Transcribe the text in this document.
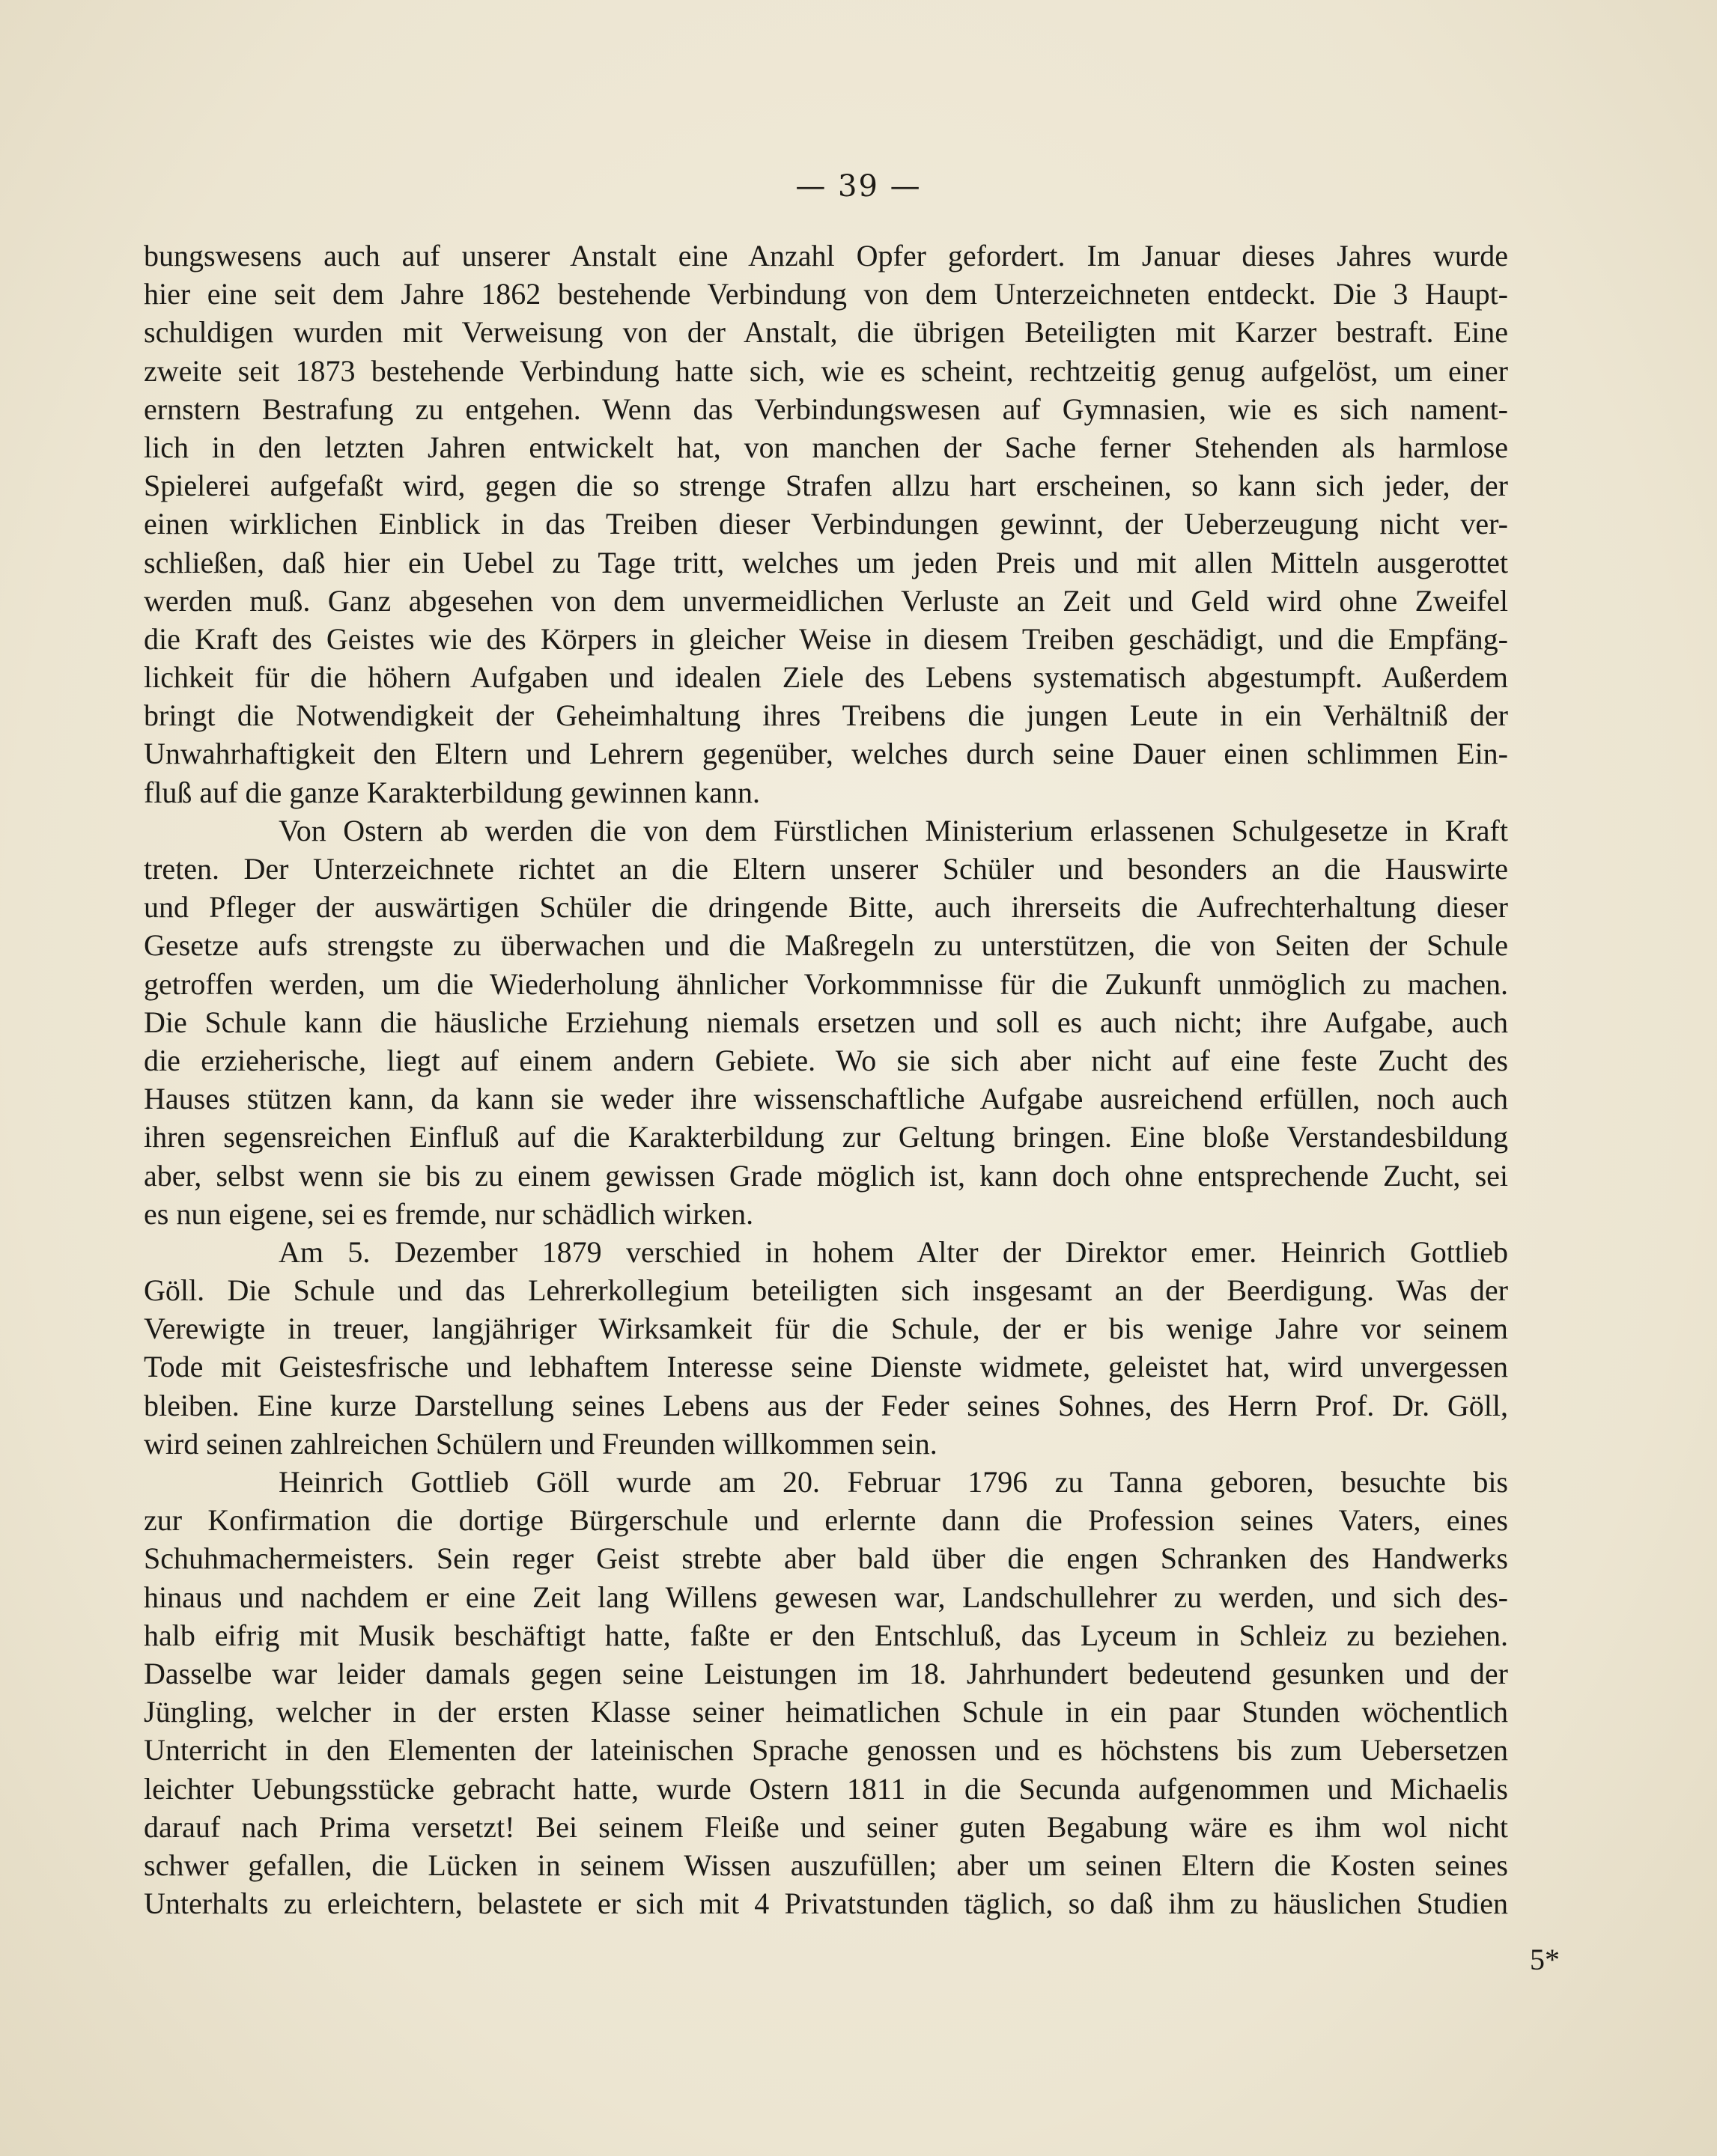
— 39 —
bungswesens auch auf unserer Anstalt eine Anzahl Opfer gefordert. Im Januar dieses Jahres wurde
hier eine seit dem Jahre 1862 bestehende Verbindung von dem Unterzeichneten entdeckt. Die 3 Haupt-
schuldigen wurden mit Verweisung von der Anstalt, die übrigen Beteiligten mit Karzer bestraft. Eine
zweite seit 1873 bestehende Verbindung hatte sich, wie es scheint, rechtzeitig genug aufgelöst, um einer
ernstern Bestrafung zu entgehen. Wenn das Verbindungswesen auf Gymnasien, wie es sich nament-
lich in den letzten Jahren entwickelt hat, von manchen der Sache ferner Stehenden als harmlose
Spielerei aufgefaßt wird, gegen die so strenge Strafen allzu hart erscheinen, so kann sich jeder, der
einen wirklichen Einblick in das Treiben dieser Verbindungen gewinnt, der Ueberzeugung nicht ver-
schließen, daß hier ein Uebel zu Tage tritt, welches um jeden Preis und mit allen Mitteln ausgerottet
werden muß. Ganz abgesehen von dem unvermeidlichen Verluste an Zeit und Geld wird ohne Zweifel
die Kraft des Geistes wie des Körpers in gleicher Weise in diesem Treiben geschädigt, und die Empfäng-
lichkeit für die höhern Aufgaben und idealen Ziele des Lebens systematisch abgestumpft. Außerdem
bringt die Notwendigkeit der Geheimhaltung ihres Treibens die jungen Leute in ein Verhältniß der
Unwahrhaftigkeit den Eltern und Lehrern gegenüber, welches durch seine Dauer einen schlimmen Ein-
fluß auf die ganze Karakterbildung gewinnen kann.
Von Ostern ab werden die von dem Fürstlichen Ministerium erlassenen Schulgesetze in Kraft
treten. Der Unterzeichnete richtet an die Eltern unserer Schüler und besonders an die Hauswirte
und Pfleger der auswärtigen Schüler die dringende Bitte, auch ihrerseits die Aufrechterhaltung dieser
Gesetze aufs strengste zu überwachen und die Maßregeln zu unterstützen, die von Seiten der Schule
getroffen werden, um die Wiederholung ähnlicher Vorkommnisse für die Zukunft unmöglich zu machen.
Die Schule kann die häusliche Erziehung niemals ersetzen und soll es auch nicht; ihre Aufgabe, auch
die erzieherische, liegt auf einem andern Gebiete. Wo sie sich aber nicht auf eine feste Zucht des
Hauses stützen kann, da kann sie weder ihre wissenschaftliche Aufgabe ausreichend erfüllen, noch auch
ihren segensreichen Einfluß auf die Karakterbildung zur Geltung bringen. Eine bloße Verstandesbildung
aber, selbst wenn sie bis zu einem gewissen Grade möglich ist, kann doch ohne entsprechende Zucht, sei
es nun eigene, sei es fremde, nur schädlich wirken.
Am 5. Dezember 1879 verschied in hohem Alter der Direktor emer. Heinrich Gottlieb
Göll. Die Schule und das Lehrerkollegium beteiligten sich insgesamt an der Beerdigung. Was der
Verewigte in treuer, langjähriger Wirksamkeit für die Schule, der er bis wenige Jahre vor seinem
Tode mit Geistesfrische und lebhaftem Interesse seine Dienste widmete, geleistet hat, wird unvergessen
bleiben. Eine kurze Darstellung seines Lebens aus der Feder seines Sohnes, des Herrn Prof. Dr. Göll,
wird seinen zahlreichen Schülern und Freunden willkommen sein.
Heinrich Gottlieb Göll wurde am 20. Februar 1796 zu Tanna geboren, besuchte bis
zur Konfirmation die dortige Bürgerschule und erlernte dann die Profession seines Vaters, eines
Schuhmachermeisters. Sein reger Geist strebte aber bald über die engen Schranken des Handwerks
hinaus und nachdem er eine Zeit lang Willens gewesen war, Landschullehrer zu werden, und sich des-
halb eifrig mit Musik beschäftigt hatte, faßte er den Entschluß, das Lyceum in Schleiz zu beziehen.
Dasselbe war leider damals gegen seine Leistungen im 18. Jahrhundert bedeutend gesunken und der
Jüngling, welcher in der ersten Klasse seiner heimatlichen Schule in ein paar Stunden wöchentlich
Unterricht in den Elementen der lateinischen Sprache genossen und es höchstens bis zum Uebersetzen
leichter Uebungsstücke gebracht hatte, wurde Ostern 1811 in die Secunda aufgenommen und Michaelis
darauf nach Prima versetzt! Bei seinem Fleiße und seiner guten Begabung wäre es ihm wol nicht
schwer gefallen, die Lücken in seinem Wissen auszufüllen; aber um seinen Eltern die Kosten seines
Unterhalts zu erleichtern, belastete er sich mit 4 Privatstunden täglich, so daß ihm zu häuslichen Studien
5*
